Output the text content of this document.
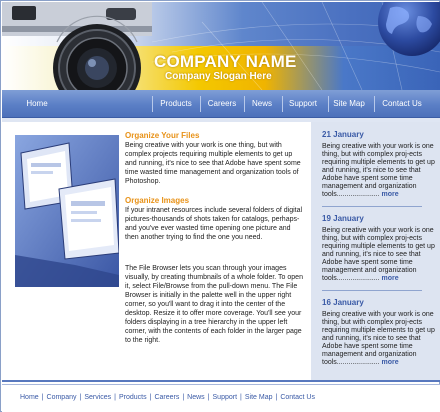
COMPANY NAME
Company Slogan Here
Home	Products	Careers	News	Support	Site Map	Contact Us
Organize Your Files
Being creative with your work is one thing, but with complex projects requiring multiple elements to get up and running, it's nice to see that Adobe have spent some time wasted time management and organization tools of Photoshop.
Organize Images
If your intranet resources include several folders of digital pictures-thousands of shots taken for catalogs, perhaps-and you've ever wasted time opening one picture and then another trying to find the one you need.
The File Browser lets you scan through your images visually, by creating thumbnails of a whole folder. To open it, select File/Browse from the pull-down menu. The File Browser is initially in the palette well in the upper right corner, so you'll want to drag it into the center of the desktop. Resize it to offer more coverage. You'll see your folders displaying in a tree hierarchy in the upper left corner, with the contents of each folder in the larger page to the right.
21 January
Being creative with your work is one thing, but with complex proj-ects requiring multiple elements to get up and running, it's nice to see that Adobe have spent some time management and organization tools...................... more
19 January
Being creative with your work is one thing, but with complex proj-ects requiring multiple elements to get up and running, it's nice to see that Adobe have spent some time management and organization tools...................... more
16 January
Being creative with your work is one thing, but with complex proj-ects requiring multiple elements to get up and running, it's nice to see that Adobe have spent some time management and organization tools...................... more
Home | Company | Services | Products | Careers | News | Support | Site Map | Contact Us
